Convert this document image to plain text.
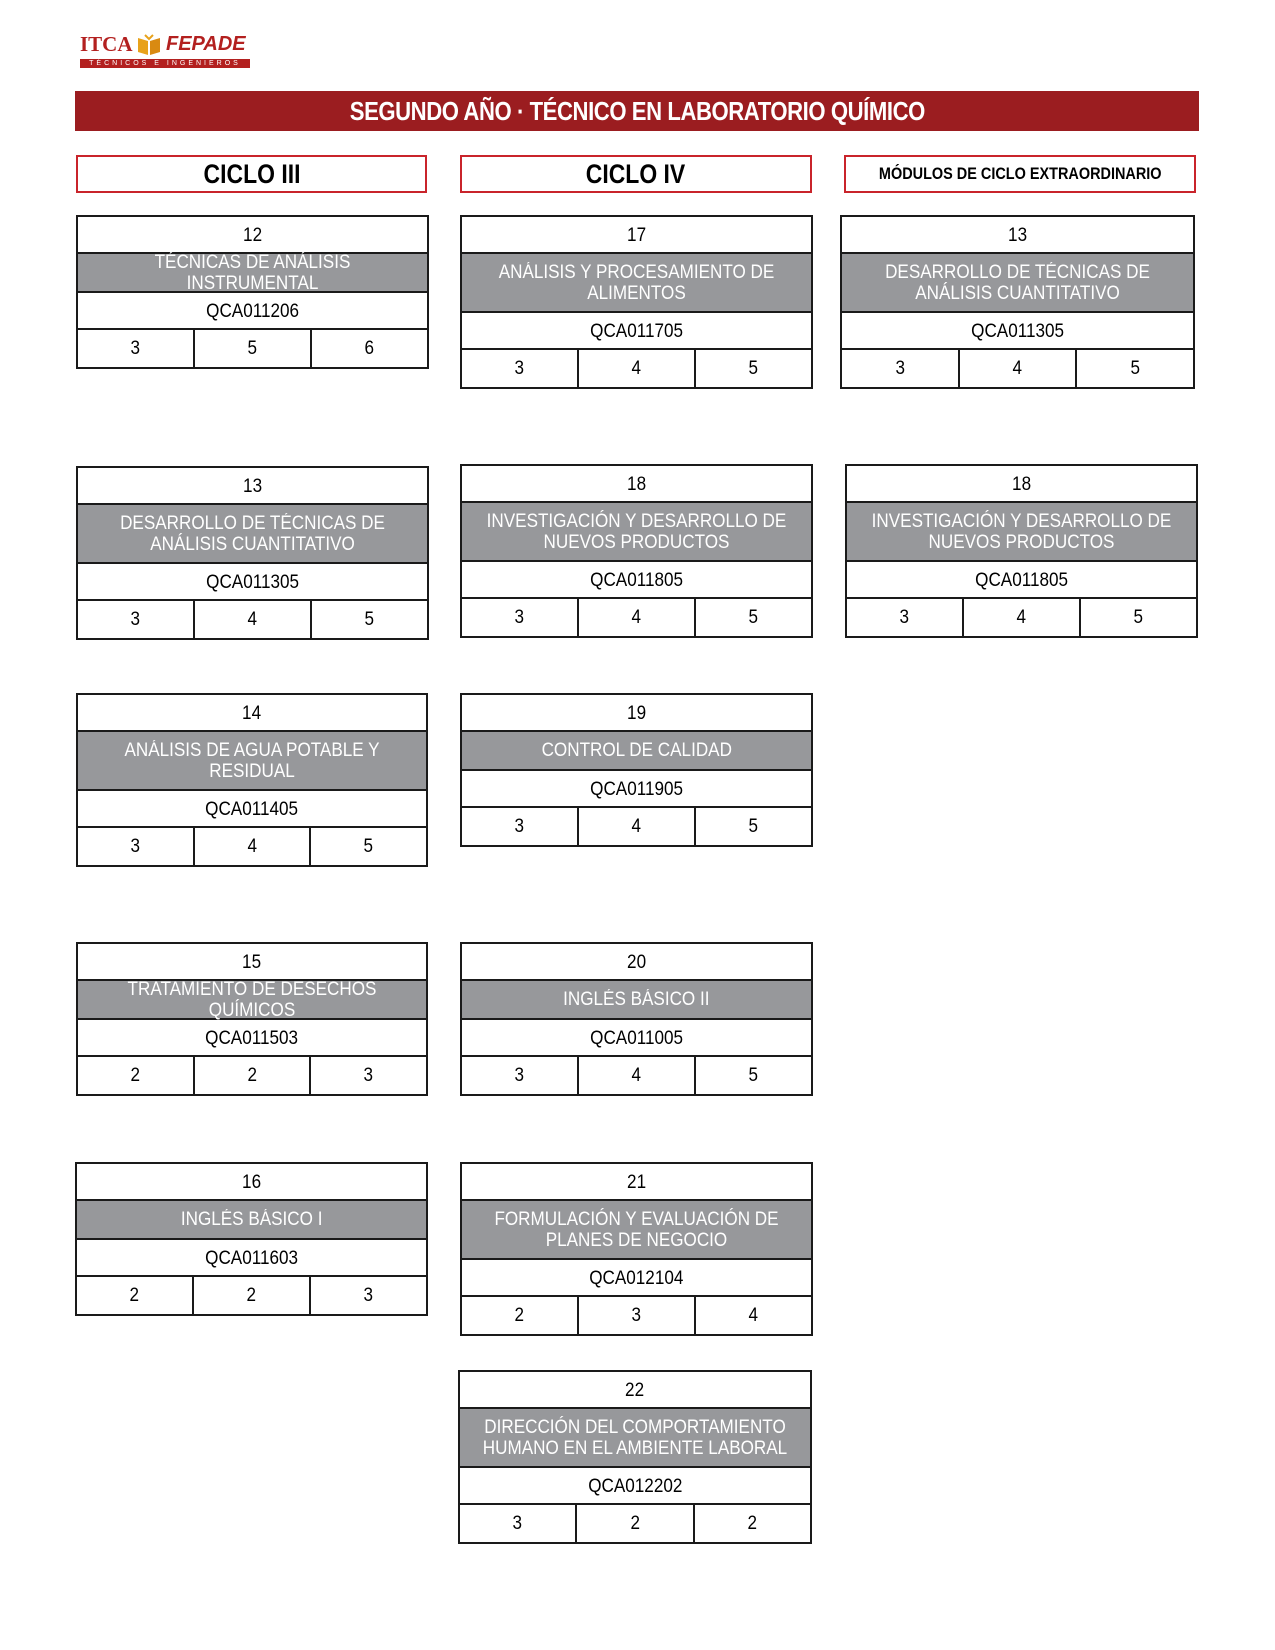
ITCA FEPADE
TÉCNICOS E INGENIEROS
SEGUNDO AÑO · TÉCNICO EN LABORATORIO QUÍMICO
CICLO III	CICLO IV	MÓDULOS DE CICLO EXTRAORDINARIO
12
TÉCNICAS DE ANÁLISIS INSTRUMENTAL
QCA011206
3	5	6
17
ANÁLISIS Y PROCESAMIENTO DE ALIMENTOS
QCA011705
3	4	5
13
DESARROLLO DE TÉCNICAS DE ANÁLISIS CUANTITATIVO
QCA011305
3	4	5
13
DESARROLLO DE TÉCNICAS DE ANÁLISIS CUANTITATIVO
QCA011305
3	4	5
18
INVESTIGACIÓN Y DESARROLLO DE NUEVOS PRODUCTOS
QCA011805
3	4	5
18
INVESTIGACIÓN Y DESARROLLO DE NUEVOS PRODUCTOS
QCA011805
3	4	5
14
ANÁLISIS DE AGUA POTABLE Y RESIDUAL
QCA011405
3	4	5
19
CONTROL DE CALIDAD
QCA011905
3	4	5
15
TRATAMIENTO DE DESECHOS QUÍMICOS
QCA011503
2	2	3
20
INGLÉS BÁSICO II
QCA011005
3	4	5
16
INGLÉS BÁSICO I
QCA011603
2	2	3
21
FORMULACIÓN Y EVALUACIÓN DE PLANES DE NEGOCIO
QCA012104
2	3	4
22
DIRECCIÓN DEL COMPORTAMIENTO HUMANO EN EL AMBIENTE LABORAL
QCA012202
3	2	2
